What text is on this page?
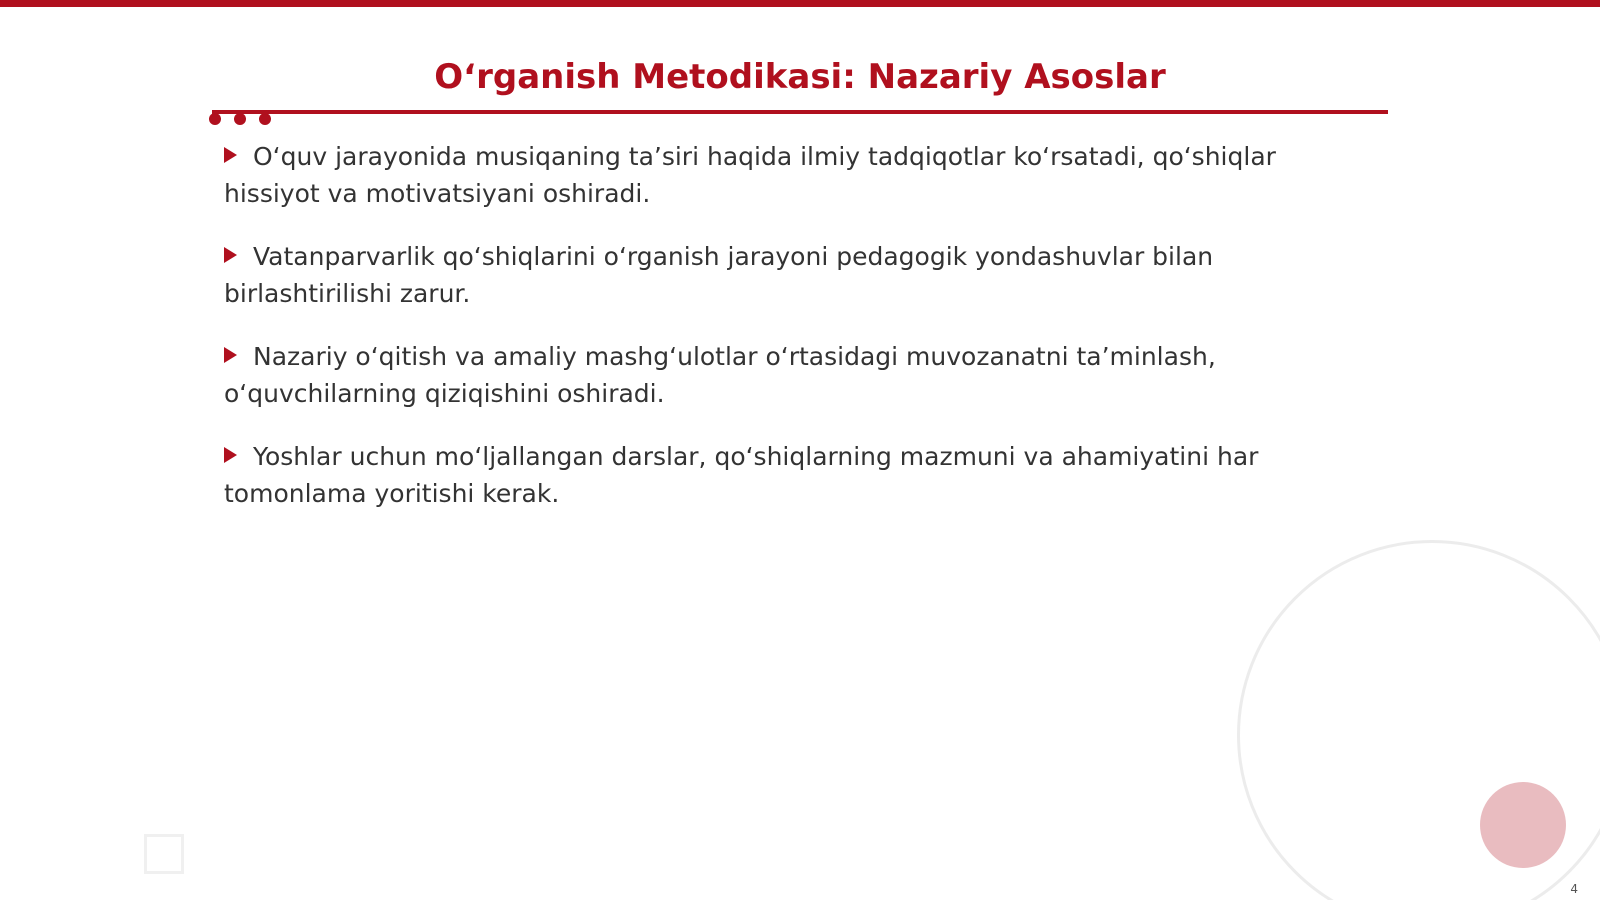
O‘rganish Metodikasi: Nazariy Asoslar
O‘quv jarayonida musiqaning ta’siri haqida ilmiy tadqiqotlar ko‘rsatadi, qo‘shiqlar hissiyot va motivatsiyani oshiradi.
Vatanparvarlik qo‘shiqlarini o‘rganish jarayoni pedagogik yondashuvlar bilan birlashtirilishi zarur.
Nazariy o‘qitish va amaliy mashg‘ulotlar o‘rtasidagi muvozanatni ta’minlash, o‘quvchilarning qiziqishini oshiradi.
Yoshlar uchun mo‘ljallangan darslar, qo‘shiqlarning mazmuni va ahamiyatini har tomonlama yoritishi kerak.
4
